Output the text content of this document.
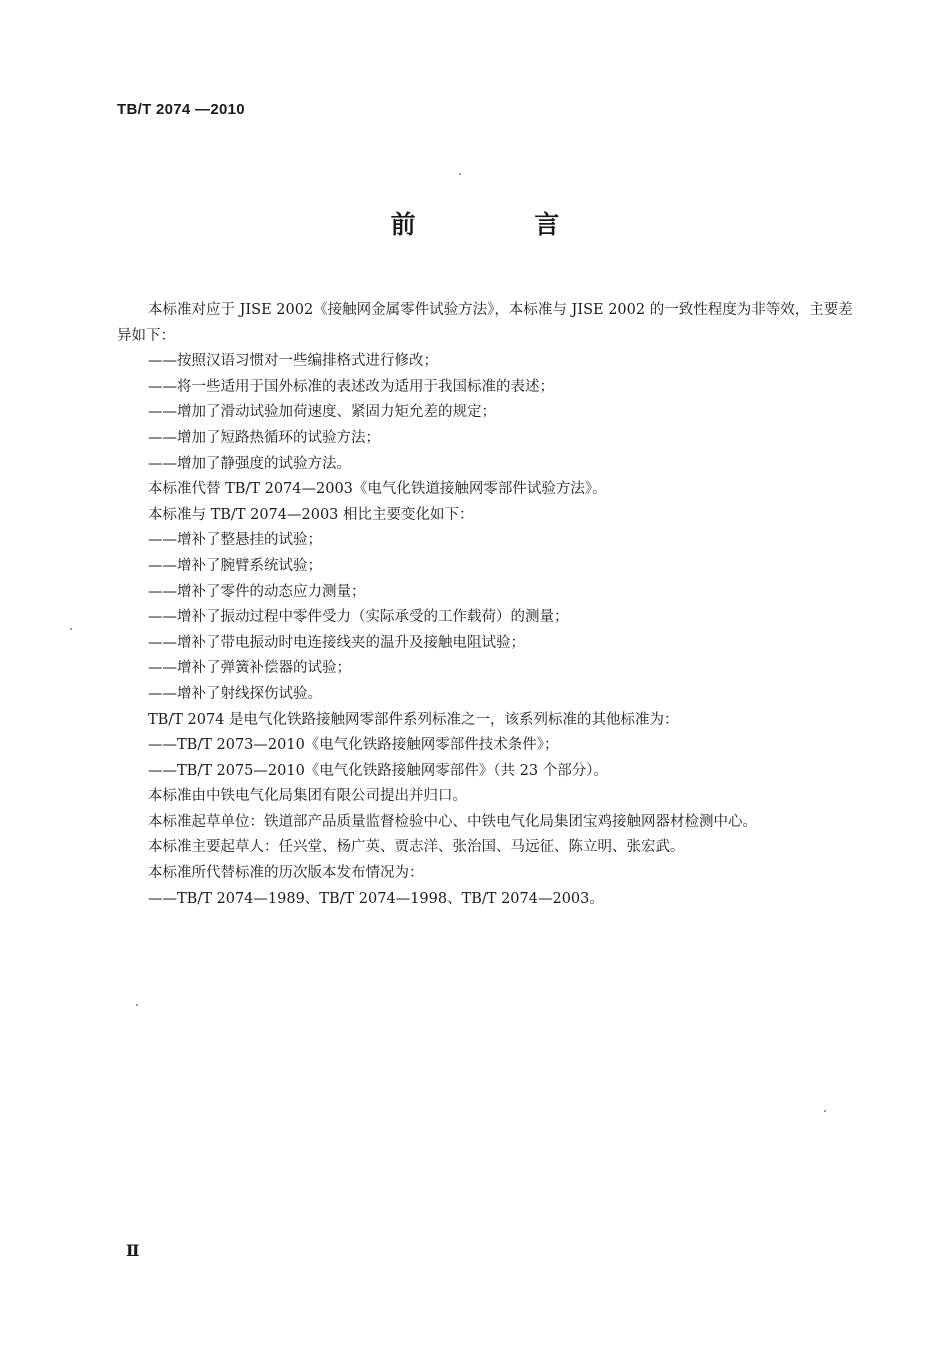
TB/T 2074 —2010
前 言

本标准对应于 JISE 2002《接触网金属零件试验方法》，本标准与 JISE 2002 的一致性程度为非等效，主要差异如下：

——按照汉语习惯对一些编排格式进行修改；

——将一些适用于国外标准的表述改为适用于我国标准的表述；

——增加了滑动试验加荷速度、紧固力矩允差的规定；

——增加了短路热循环的试验方法；

——增加了静强度的试验方法。

本标准代替 TB/T 2074—2003《电气化铁道接触网零部件试验方法》。

本标准与 TB/T 2074—2003 相比主要变化如下：

——增补了整悬挂的试验；

——增补了腕臂系统试验；

——增补了零件的动态应力测量；

——增补了振动过程中零件受力（实际承受的工作载荷）的测量；

——增补了带电振动时电连接线夹的温升及接触电阻试验；

——增补了弹簧补偿器的试验；

——增补了射线探伤试验。

TB/T 2074 是电气化铁路接触网零部件系列标准之一，该系列标准的其他标准为：

——TB/T 2073—2010《电气化铁路接触网零部件技术条件》；

——TB/T 2075—2010《电气化铁路接触网零部件》（共 23 个部分）。

本标准由中铁电气化局集团有限公司提出并归口。

本标准起草单位：铁道部产品质量监督检验中心、中铁电气化局集团宝鸡接触网器材检测中心。

本标准主要起草人：任兴堂、杨广英、贾志洋、张治国、马远征、陈立明、张宏武。

本标准所代替标准的历次版本发布情况为：

——TB/T 2074—1989、TB/T 2074—1998、TB/T 2074—2003。

Ⅱ
